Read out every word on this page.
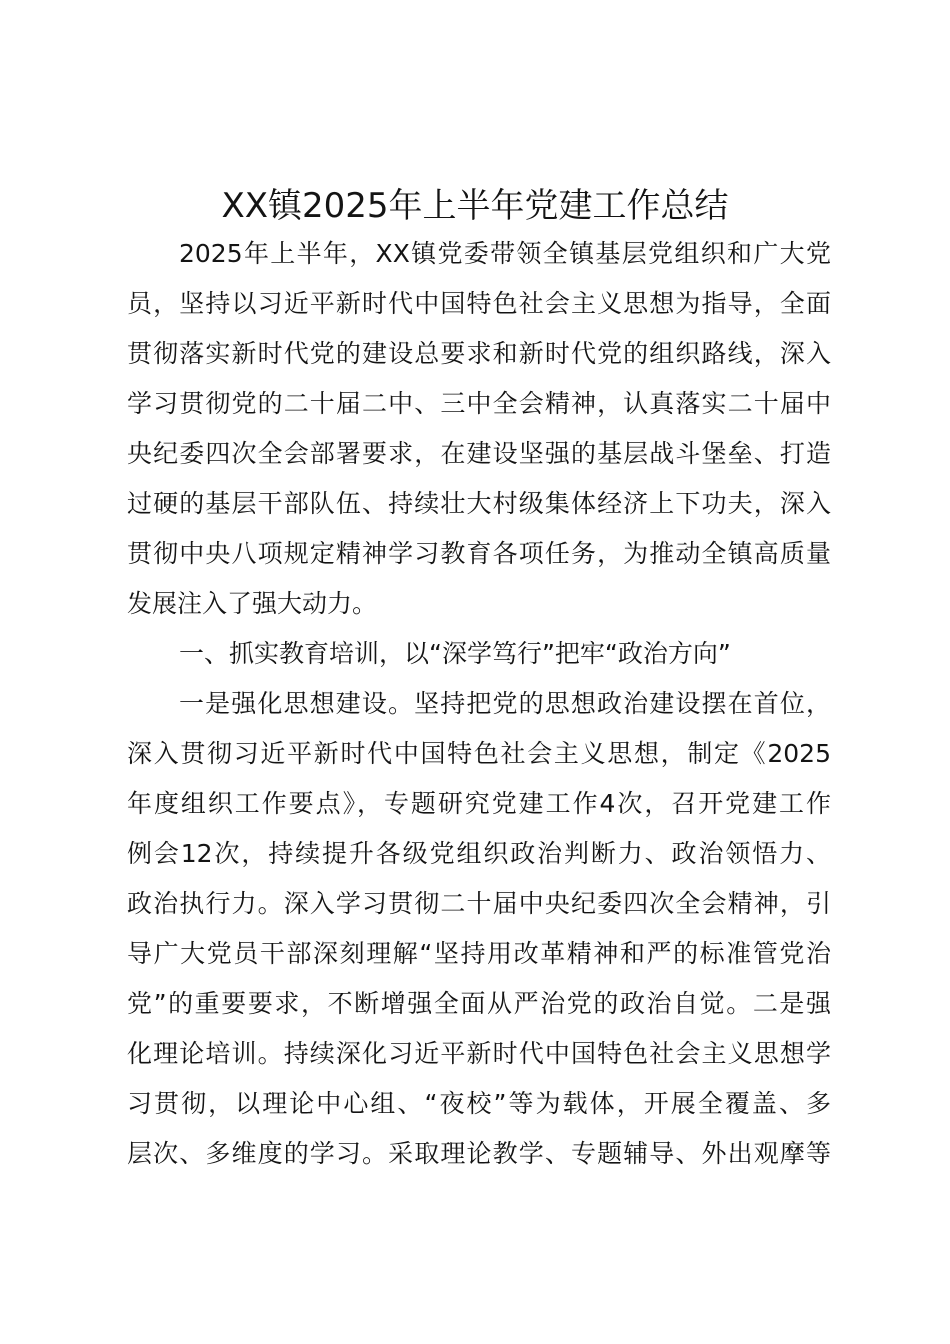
XX镇2025年上半年党建工作总结
2025年上半年，XX镇党委带领全镇基层党组织和广大党
员，坚持以习近平新时代中国特色社会主义思想为指导，全面
贯彻落实新时代党的建设总要求和新时代党的组织路线，深入
学习贯彻党的二十届二中、三中全会精神，认真落实二十届中
央纪委四次全会部署要求，在建设坚强的基层战斗堡垒、打造
过硬的基层干部队伍、持续壮大村级集体经济上下功夫，深入
贯彻中央八项规定精神学习教育各项任务，为推动全镇高质量
发展注入了强大动力。
一、抓实教育培训，以“深学笃行”把牢“政治方向”
一是强化思想建设。坚持把党的思想政治建设摆在首位，
深入贯彻习近平新时代中国特色社会主义思想，制定《2025
年度组织工作要点》，专题研究党建工作4次，召开党建工作
例会12次，持续提升各级党组织政治判断力、政治领悟力、
政治执行力。深入学习贯彻二十届中央纪委四次全会精神，引
导广大党员干部深刻理解“坚持用改革精神和严的标准管党治
党”的重要要求，不断增强全面从严治党的政治自觉。二是强
化理论培训。持续深化习近平新时代中国特色社会主义思想学
习贯彻，以理论中心组、“夜校”等为载体，开展全覆盖、多
层次、多维度的学习。采取理论教学、专题辅导、外出观摩等
